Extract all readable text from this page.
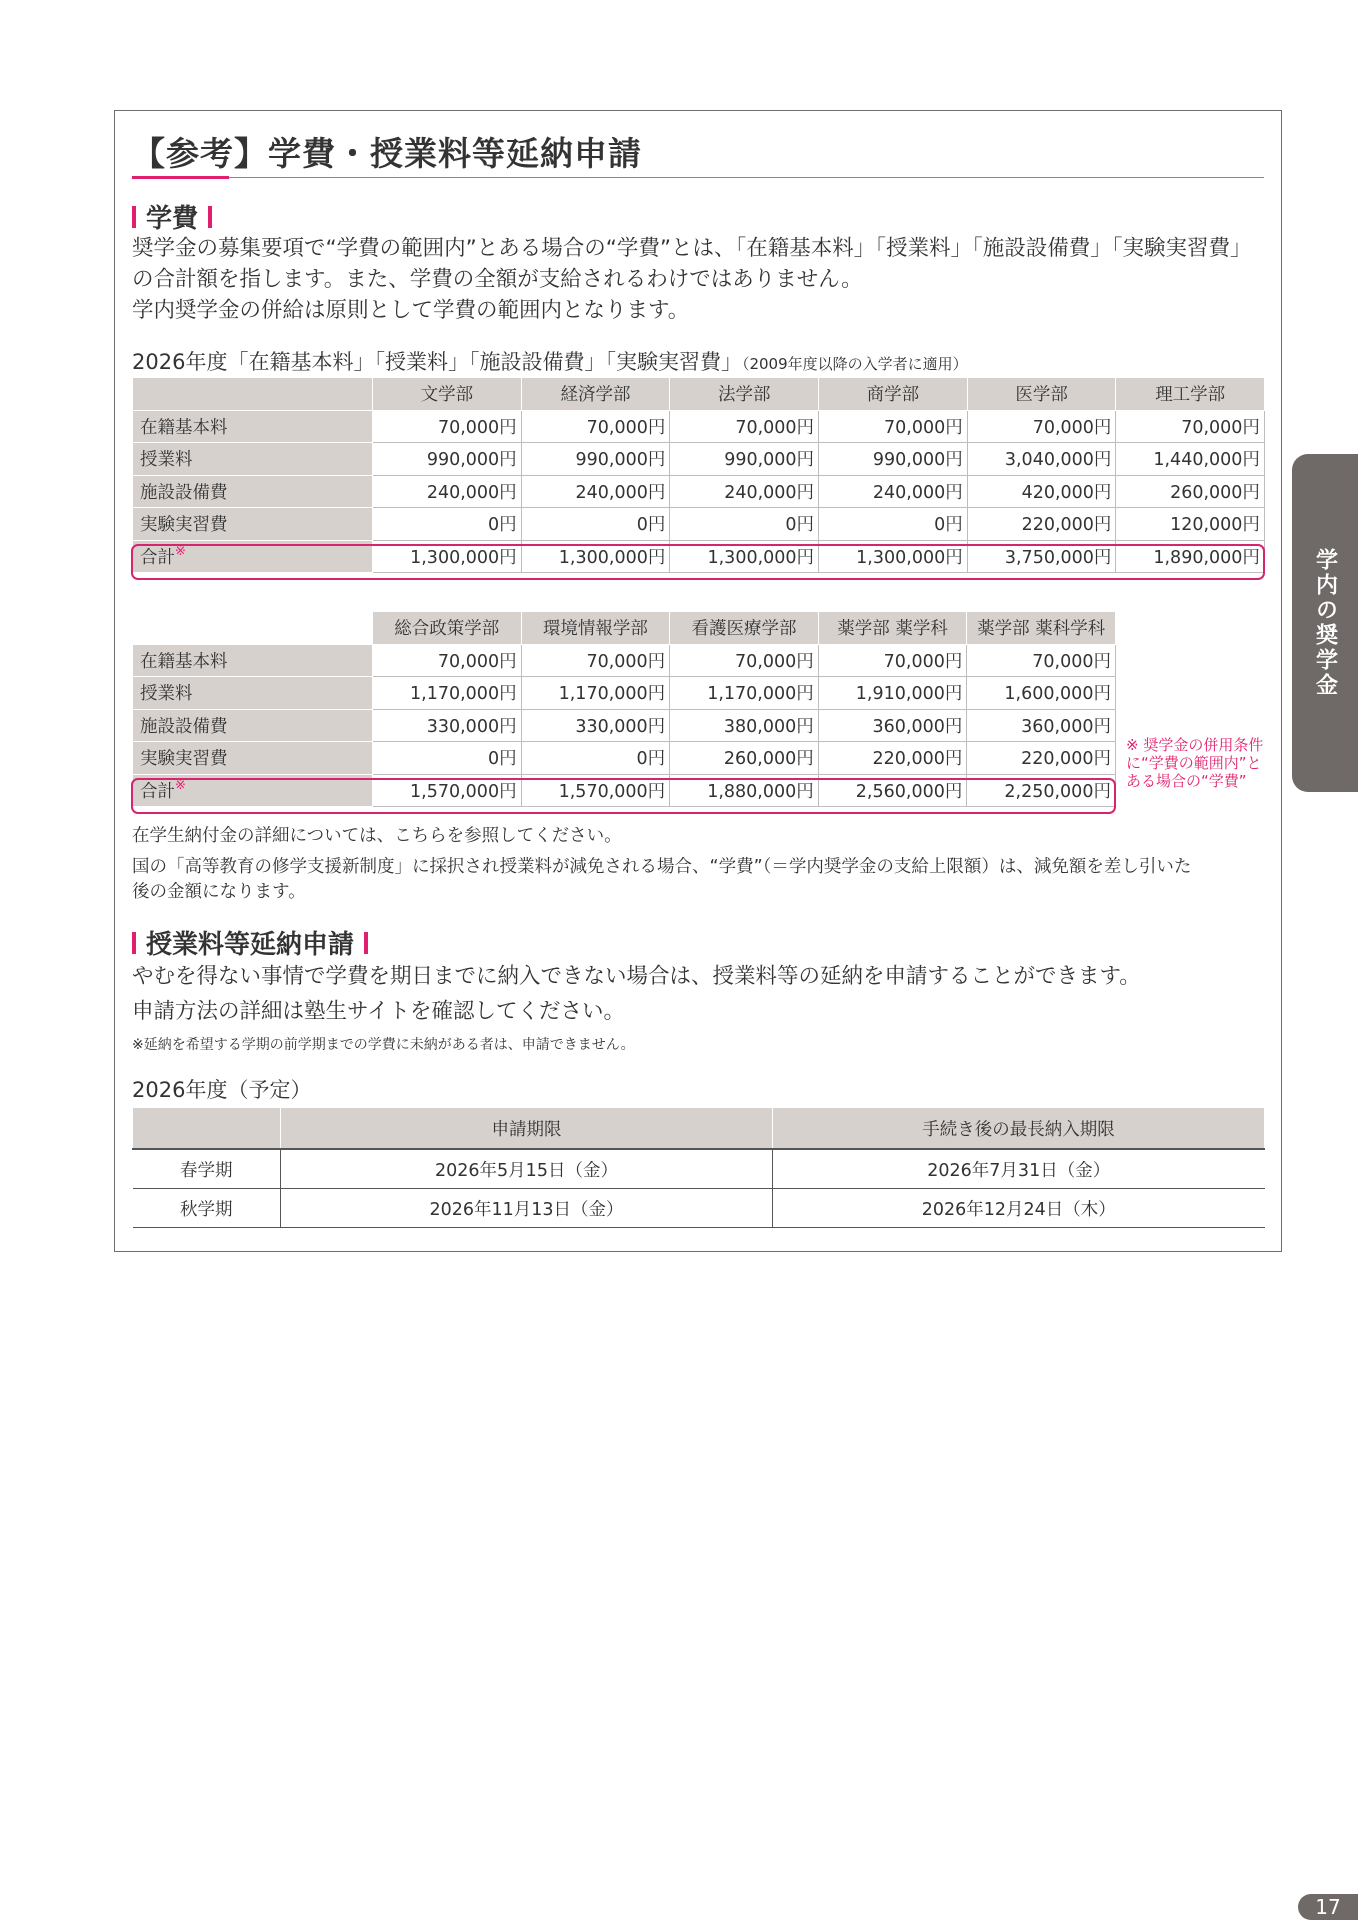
【参考】学費・授業料等延納申請
学費

奨学金の募集要項で“学費の範囲内”とある場合の“学費”とは、「在籍基本料」「授業料」「施設設備費」「実験実習費」

の合計額を指します。また、学費の全額が支給されるわけではありません。

学内奨学金の併給は原則として学費の範囲内となります。

2026年度「在籍基本料」「授業料」「施設設備費」「実験実習費」（2009年度以降の入学者に適用）

	文学部	経済学部	法学部	商学部	医学部	理工学部
在籍基本料	70,000円	70,000円	70,000円	70,000円	70,000円	70,000円
授業料	990,000円	990,000円	990,000円	990,000円	3,040,000円	1,440,000円
施設設備費	240,000円	240,000円	240,000円	240,000円	420,000円	260,000円
実験実習費	0円	0円	0円	0円	220,000円	120,000円
合計※	1,300,000円	1,300,000円	1,300,000円	1,300,000円	3,750,000円	1,890,000円
	総合政策学部	環境情報学部	看護医療学部	薬学部 薬学科	薬学部 薬科学科
在籍基本料	70,000円	70,000円	70,000円	70,000円	70,000円
授業料	1,170,000円	1,170,000円	1,170,000円	1,910,000円	1,600,000円
施設設備費	330,000円	330,000円	380,000円	360,000円	360,000円
実験実習費	0円	0円	260,000円	220,000円	220,000円
合計※	1,570,000円	1,570,000円	1,880,000円	2,560,000円	2,250,000円

※ 奨学金の併用条件に“学費の範囲内”とある場合の“学費”

在学生納付金の詳細については、こちらを参照してください。

国の「高等教育の修学支援新制度」に採択され授業料が減免される場合、“学費”（＝学内奨学金の支給上限額）は、減免額を差し引いた

後の金額になります。

授業料等延納申請

やむを得ない事情で学費を期日までに納入できない場合は、授業料等の延納を申請することができます。

申請方法の詳細は塾生サイトを確認してください。

※延納を希望する学期の前学期までの学費に未納がある者は、申請できません。

2026年度（予定）

	申請期限	手続き後の最長納入期限
春学期	2026年5月15日（金）	2026年7月31日（金）
秋学期	2026年11月13日（金）	2026年12月24日（木）
学内の奨学金
17
